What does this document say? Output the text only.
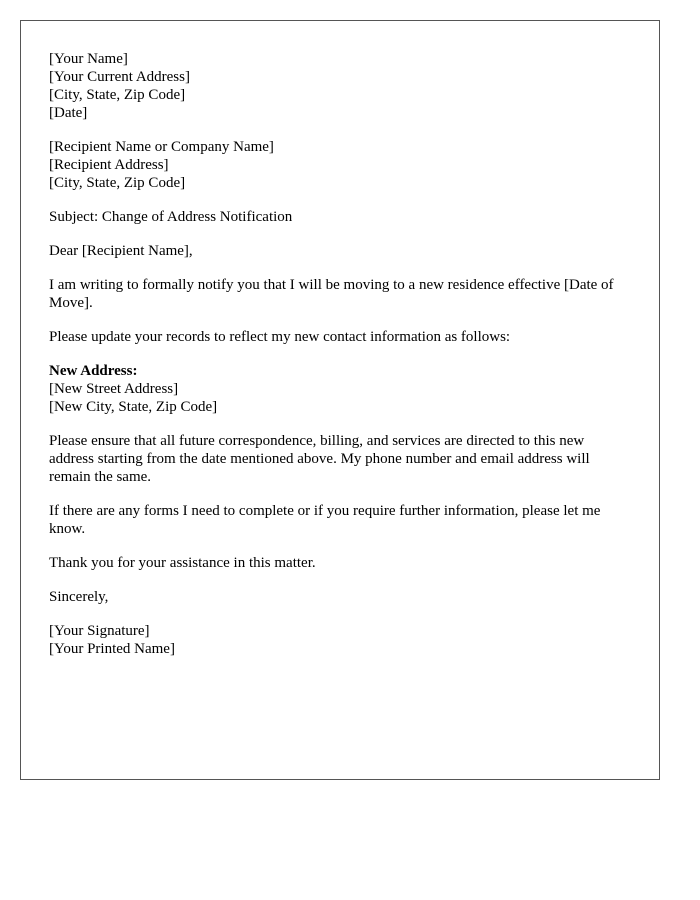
[Your Name]
[Your Current Address]
[City, State, Zip Code]
[Date]
[Recipient Name or Company Name]
[Recipient Address]
[City, State, Zip Code]

Subject: Change of Address Notification

Dear [Recipient Name],

I am writing to formally notify you that I will be moving to a new residence effective [Date of Move].

Please update your records to reflect my new contact information as follows:

New Address:
[New Street Address]
[New City, State, Zip Code]

Please ensure that all future correspondence, billing, and services are directed to this new address starting from the date mentioned above. My phone number and email address will remain the same.

If there are any forms I need to complete or if you require further information, please let me know.

Thank you for your assistance in this matter.

Sincerely,

[Your Signature]
[Your Printed Name]
